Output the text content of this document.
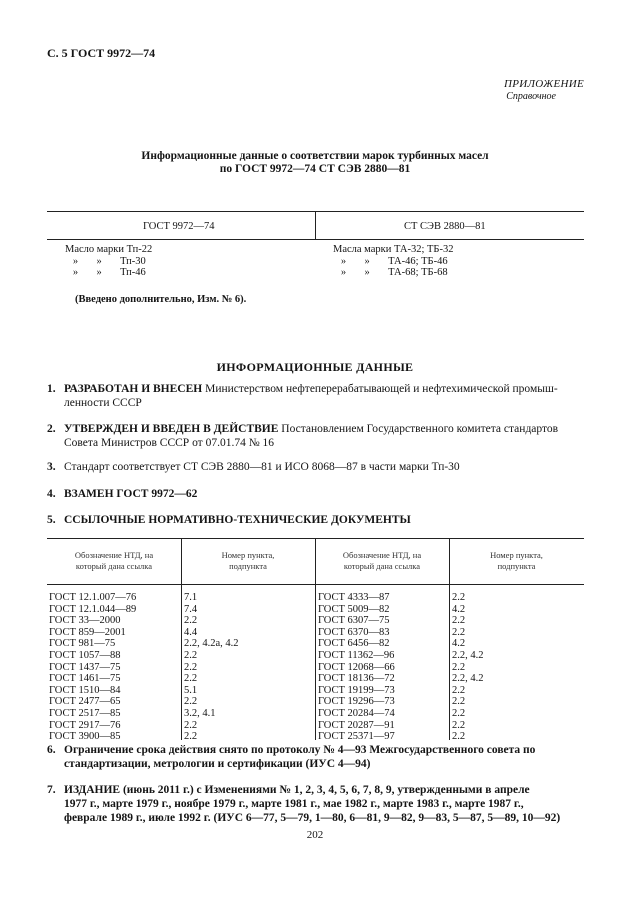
С. 5 ГОСТ 9972—74
ПРИЛОЖЕНИЕ
Справочное
Информационные данные о соответствии марок турбинных масел
по ГОСТ 9972—74 СТ СЭВ 2880—81
ГОСТ 9972—74	СТ СЭВ 2880—81
Масло марки Тп-22
»       »       Тп-30
»       »       Тп-46
Масла марки ТА-32; ТБ-32
»       »       ТА-46; ТБ-46
»       »       ТА-68; ТБ-68
(Введено дополнительно, Изм. № 6).
ИНФОРМАЦИОННЫЕ ДАННЫЕ
1. РАЗРАБОТАН И ВНЕСЕН Министерством нефтеперерабатывающей и нефтехимической промыш-
ленности СССР
2. УТВЕРЖДЕН И ВВЕДЕН В ДЕЙСТВИЕ Постановлением Государственного комитета стандартов
Совета Министров СССР от 07.01.74 № 16
3. Стандарт соответствует СТ СЭВ 2880—81 и ИСО 8068—87 в части марки Тп-30
4. ВЗАМЕН ГОСТ 9972—62
5. ССЫЛОЧНЫЕ НОРМАТИВНО-ТЕХНИЧЕСКИЕ ДОКУМЕНТЫ
Обозначение НТД, на
который дана ссылка
Номер пункта,
подпункта
Обозначение НТД, на
который дана ссылка
Номер пункта,
подпункта
ГОСТ 12.1.007—76
ГОСТ 12.1.044—89
ГОСТ 33—2000
ГОСТ 859—2001
ГОСТ 981—75
ГОСТ 1057—88
ГОСТ 1437—75
ГОСТ 1461—75
ГОСТ 1510—84
ГОСТ 2477—65
ГОСТ 2517—85
ГОСТ 2917—76
ГОСТ 3900—85
7.1
7.4
2.2
4.4
2.2, 4.2а, 4.2
2.2
2.2
2.2
5.1
2.2
3.2, 4.1
2.2
2.2
ГОСТ 4333—87
ГОСТ 5009—82
ГОСТ 6307—75
ГОСТ 6370—83
ГОСТ 6456—82
ГОСТ 11362—96
ГОСТ 12068—66
ГОСТ 18136—72
ГОСТ 19199—73
ГОСТ 19296—73
ГОСТ 20284—74
ГОСТ 20287—91
ГОСТ 25371—97
2.2
4.2
2.2
2.2
4.2
2.2, 4.2
2.2
2.2, 4.2
2.2
2.2
2.2
2.2
2.2
6. Ограничение срока действия снято по протоколу № 4—93 Межгосударственного совета по
стандартизации, метрологии и сертификации (ИУС 4—94)
7. ИЗДАНИЕ (июнь 2011 г.) с Изменениями № 1, 2, 3, 4, 5, 6, 7, 8, 9, утвержденными в апреле
1977 г., марте 1979 г., ноябре 1979 г., марте 1981 г., мае 1982 г., марте 1983 г., марте 1987 г.,
феврале 1989 г., июле 1992 г. (ИУС 6—77, 5—79, 1—80, 6—81, 9—82, 9—83, 5—87, 5—89, 10—92)
202
